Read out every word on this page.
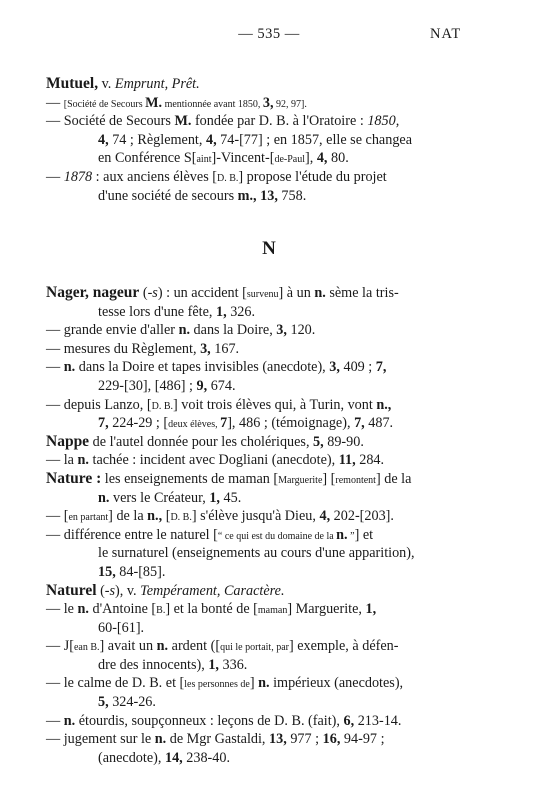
— 535 —	NAT
Mutuel, v. Emprunt, Prêt.
— [Société de Secours M. mentionnée avant 1850, 3, 92, 97].
— Société de Secours M. fondée par D. B. à l'Oratoire : 1850,
4, 74 ; Règlement, 4, 74-[77] ; en 1857, elle se changea
en Conférence S[aint]-Vincent-[de-Paul], 4, 80.
— 1878 : aux anciens élèves [D. B.] propose l'étude du projet
d'une société de secours m., 13, 758.
N
Nager, nageur (-s) : un accident [survenu] à un n. sème la tris-
tesse lors d'une fête, 1, 326.
— grande envie d'aller n. dans la Doire, 3, 120.
— mesures du Règlement, 3, 167.
— n. dans la Doire et tapes invisibles (anecdote), 3, 409 ; 7,
229-[30], [486] ; 9, 674.
— depuis Lanzo, [D. B.] voit trois élèves qui, à Turin, vont n.,
7, 224-29 ; [deux élèves, 7], 486 ; (témoignage), 7, 487.
Nappe de l'autel donnée pour les cholériques, 5, 89-90.
— la n. tachée : incident avec Dogliani (anecdote), 11, 284.
Nature : les enseignements de maman [Marguerite] [remontent] de la
n. vers le Créateur, 1, 45.
— [en partant] de la n., [D. B.] s'élève jusqu'à Dieu, 4, 202-[203].
— différence entre le naturel [“ ce qui est du domaine de la n. ”] et
le surnaturel (enseignements au cours d'une apparition),
15, 84-[85].
Naturel (-s), v. Tempérament, Caractère.
— le n. d'Antoine [B.] et la bonté de [maman] Marguerite, 1,
60-[61].
— J[ean B.] avait un n. ardent ([qui le portait, par] exemple, à défen-
dre des innocents), 1, 336.
— le calme de D. B. et [les personnes de] n. impérieux (anecdotes),
5, 324-26.
— n. étourdis, soupçonneux : leçons de D. B. (fait), 6, 213-14.
— jugement sur le n. de Mgr Gastaldi, 13, 977 ; 16, 94-97 ;
(anecdote), 14, 238-40.
